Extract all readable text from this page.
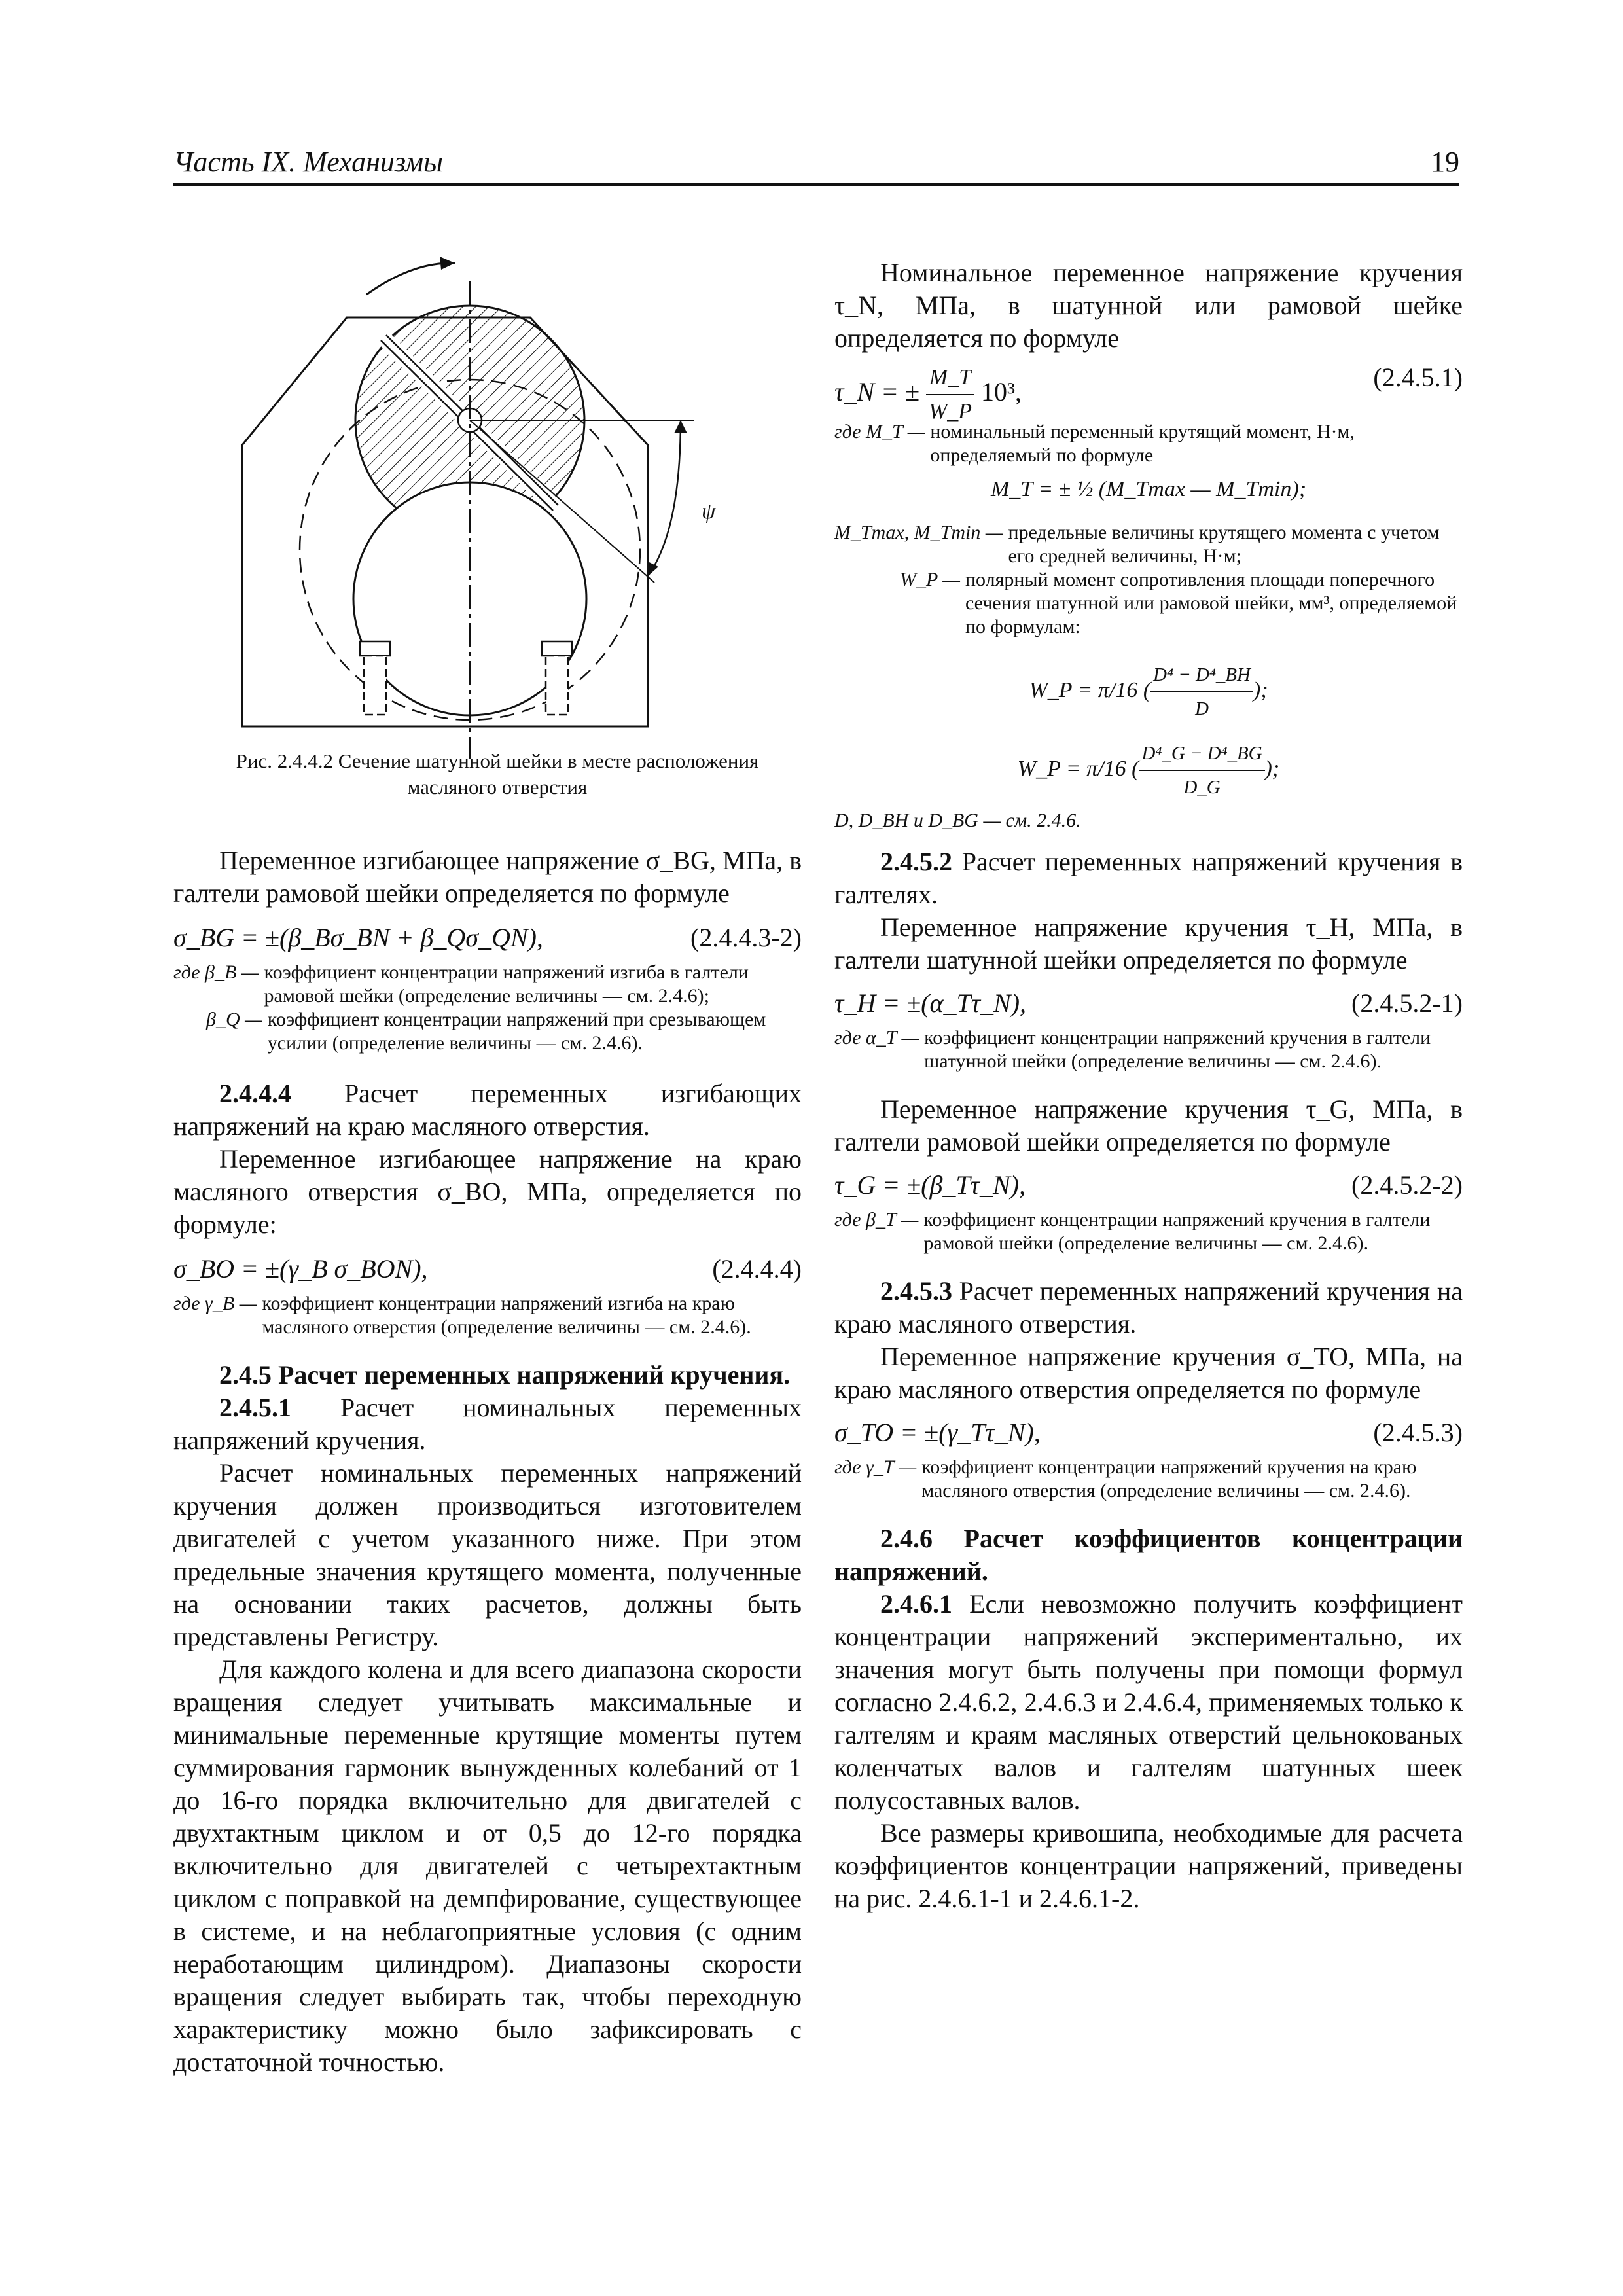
Часть IX. Механизмы	19
ψ
Рис. 2.4.4.2 Сечение шатунной шейки в месте расположения
масляного отверстия

Переменное изгибающее напряжение σ_BG, МПа, в галтели рамовой шейки определяется по формуле

σ_BG = ±(β_Bσ_BN + β_Qσ_QN),	(2.4.4.3-2)
где β_B — коэффициент концентрации напряжений изгиба в галтели рамовой шейки (определение величины — см. 2.4.6);
β_Q — коэффициент концентрации напряжений при срезывающем усилии (определение величины — см. 2.4.6).

2.4.4.4 Расчет переменных изгибающих напряжений на краю масляного отверстия.

Переменное изгибающее напряжение на краю масляного отверстия σ_BO, МПа, определяется по формуле:

σ_BO = ±(γ_B σ_BON),	(2.4.4.4)
где γ_B — коэффициент концентрации напряжений изгиба на краю масляного отверстия (определение величины — см. 2.4.6).

2.4.5 Расчет переменных напряжений кручения.

2.4.5.1 Расчет номинальных переменных напряжений кручения.

Расчет номинальных переменных напряжений кручения должен производиться изготовителем двигателей с учетом указанного ниже. При этом предельные значения крутящего момента, полученные на основании таких расчетов, должны быть представлены Регистру.

Для каждого колена и для всего диапазона скорости вращения следует учитывать максимальные и минимальные переменные крутящие моменты путем суммирования гармоник вынужденных колебаний от 1 до 16-го порядка включительно для двигателей с двухтактным циклом и от 0,5 до 12-го порядка включительно для двигателей с четырехтактным циклом с поправкой на демпфирование, существующее в системе, и на неблагоприятные условия (с одним неработающим цилиндром). Диапазоны скорости вращения следует выбирать так, чтобы переходную характеристику можно было зафиксировать с достаточной точностью.

Номинальное переменное напряжение кручения τ_N, МПа, в шатунной или рамовой шейке определяется по формуле

τ_N = ± $\frac{M\_T}{W\_P} 10^3$,	(2.4.5.1)
где M_T — номинальный переменный крутящий момент, Н·м, определяемый по формуле
M_T = ± ½ (M_Tmax — M_Tmin);
M_Tmax, M_Tmin — предельные величины крутящего момента с учетом его средней величины, Н·м;
W_P — полярный момент сопротивления площади поперечного сечения шатунной или рамовой шейки, мм³, определяемой по формулам:
W_P = π/16 ( $\frac{\text{D⁴ − D⁴\_BH}}{D}$ );
W_P = π/16 ( $\frac{\text{D⁴\_G − D⁴\_BG}}{D\_G}$ );
D, D_BH и D_BG — см. 2.4.6.

2.4.5.2 Расчет переменных напряжений кручения в галтелях.

Переменное напряжение кручения τ_H, МПа, в галтели шатунной шейки определяется по формуле

τ_H = ±(α_Tτ_N),	(2.4.5.2-1)
где α_T — коэффициент концентрации напряжений кручения в галтели шатунной шейки (определение величины — см. 2.4.6).

Переменное напряжение кручения τ_G, МПа, в галтели рамовой шейки определяется по формуле

τ_G = ±(β_Tτ_N),	(2.4.5.2-2)
где β_T — коэффициент концентрации напряжений кручения в галтели рамовой шейки (определение величины — см. 2.4.6).

2.4.5.3 Расчет переменных напряжений кручения на краю масляного отверстия.

Переменное напряжение кручения σ_TO, МПа, на краю масляного отверстия определяется по формуле

σ_TO = ±(γ_Tτ_N),	(2.4.5.3)
где γ_T — коэффициент концентрации напряжений кручения на краю масляного отверстия (определение величины — см. 2.4.6).

2.4.6 Расчет коэффициентов концентрации напряжений.

2.4.6.1 Если невозможно получить коэффициент концентрации напряжений экспериментально, их значения могут быть получены при помощи формул согласно 2.4.6.2, 2.4.6.3 и 2.4.6.4, применяемых только к галтелям и краям масляных отверстий цельнокованых коленчатых валов и галтелям шатунных шеек полусоставных валов.

Все размеры кривошипа, необходимые для расчета коэффициентов концентрации напряжений, приведены на рис. 2.4.6.1-1 и 2.4.6.1-2.
